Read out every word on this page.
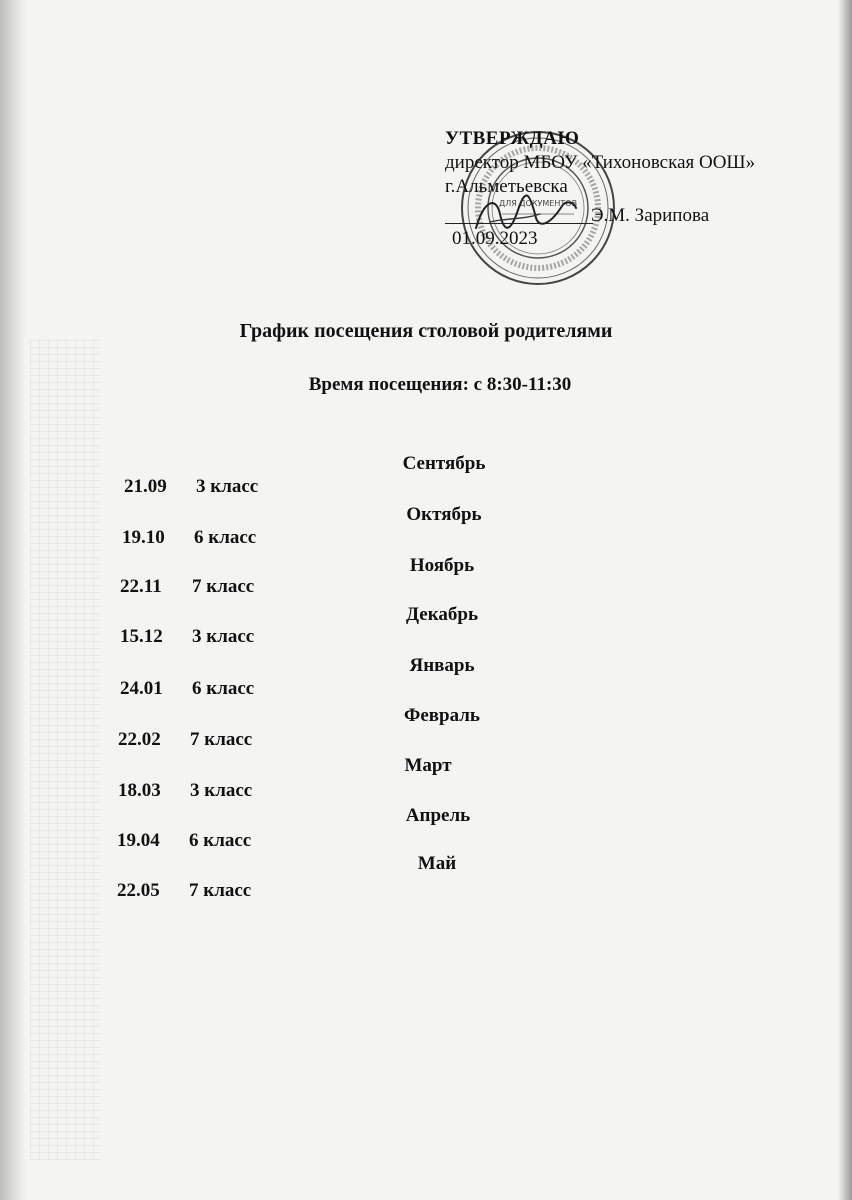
ДЛЯ ДОКУМЕНТОВ
УТВЕРЖДАЮ
директор МБОУ «Тихоновская ООШ»
г.Альметьевска
Э.М. Зарипова
01.09.2023
График посещения столовой родителями
Время посещения: с 8:30-11:30
Сентябрь
Октябрь
Ноябрь
Декабрь
Январь
Февраль
Март
Апрель
Май
21.09 3 класс
19.10 6 класс
22.11 7 класс
15.12 3 класс
24.01 6 класс
22.02 7 класс
18.03 3 класс
19.04 6 класс
22.05 7 класс
